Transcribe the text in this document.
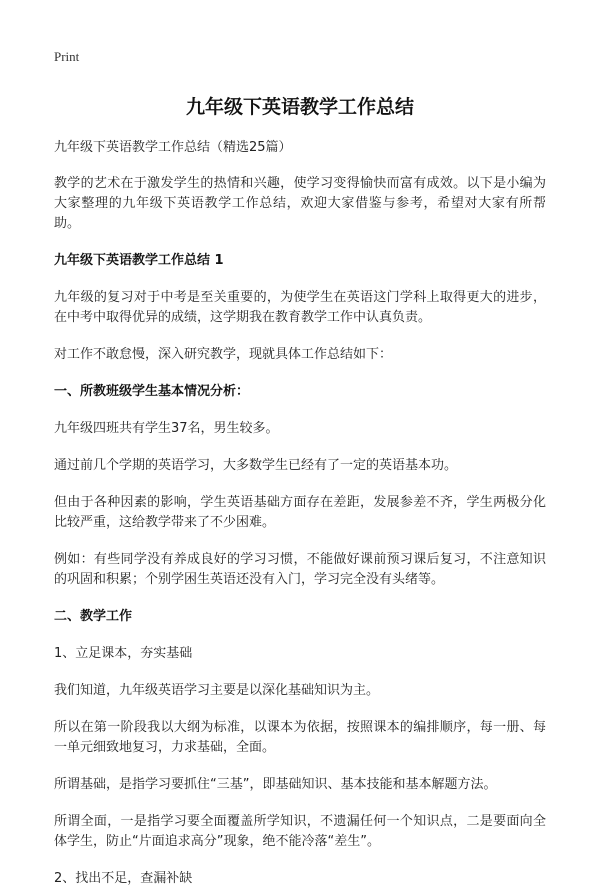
Print
九年级下英语教学工作总结

九年级下英语教学工作总结（精选25篇）

教学的艺术在于激发学生的热情和兴趣，使学习变得愉快而富有成效。以下是小编为大家整理的九年级下英语教学工作总结，欢迎大家借鉴与参考，希望对大家有所帮助。

九年级下英语教学工作总结 1

九年级的复习对于中考是至关重要的，为使学生在英语这门学科上取得更大的进步，在中考中取得优异的成绩，这学期我在教育教学工作中认真负责。

对工作不敢怠慢，深入研究教学，现就具体工作总结如下：

一、所教班级学生基本情况分析：

九年级四班共有学生37名，男生较多。

通过前几个学期的英语学习，大多数学生已经有了一定的英语基本功。

但由于各种因素的影响，学生英语基础方面存在差距，发展参差不齐，学生两极分化比较严重，这给教学带来了不少困难。

例如：有些同学没有养成良好的学习习惯，不能做好课前预习课后复习，不注意知识的巩固和积累；个别学困生英语还没有入门，学习完全没有头绪等。

二、教学工作

1、立足课本，夯实基础

我们知道，九年级英语学习主要是以深化基础知识为主。

所以在第一阶段我以大纲为标准，以课本为依据，按照课本的编排顺序，每一册、每一单元细致地复习，力求基础，全面。

所谓基础，是指学习要抓住“三基”，即基础知识、基本技能和基本解题方法。

所谓全面，一是指学习要全面覆盖所学知识，不遗漏任何一个知识点，二是要面向全体学生，防止“片面追求高分”现象，绝不能冷落“差生”。

2、找出不足，查漏补缺
